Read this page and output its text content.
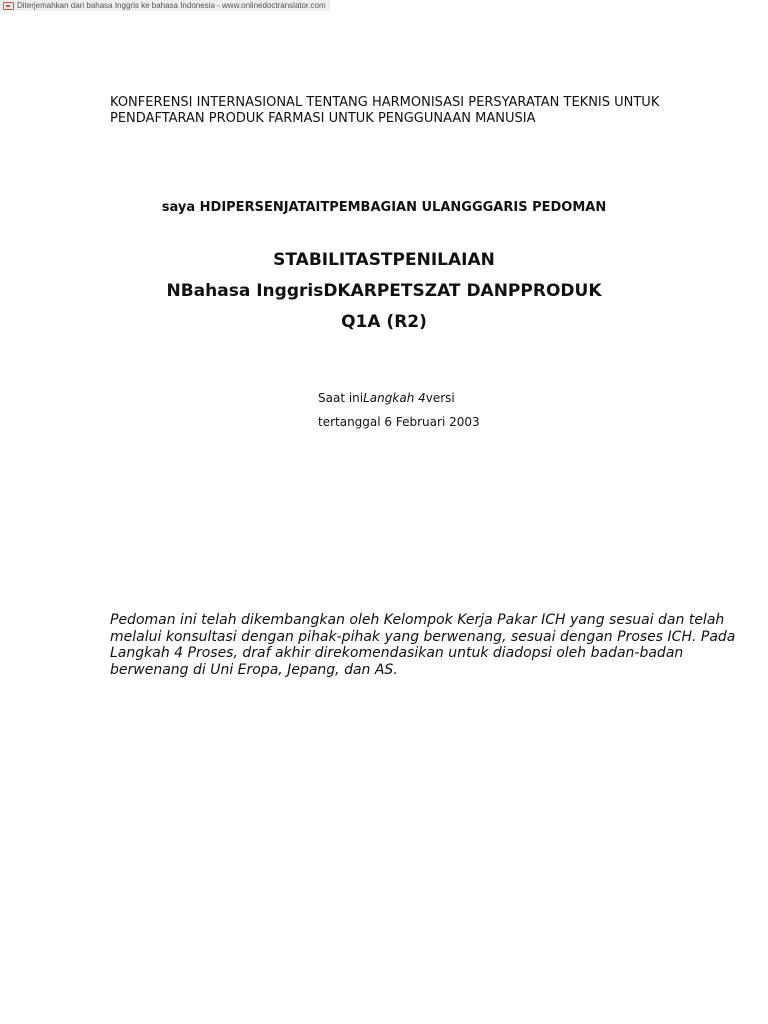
Diterjemahkan dari bahasa Inggris ke bahasa Indonesia - www.onlinedoctranslator.com
KONFERENSI INTERNASIONAL TENTANG HARMONISASI PERSYARATAN TEKNIS UNTUK
PENDAFTARAN PRODUK FARMASI UNTUK PENGGUNAAN MANUSIA
saya HDIPERSENJATAITPEMBAGIAN ULANGGGARIS PEDOMAN
STABILITASTPENILAIAN
NBahasa InggrisDKARPETSZAT DANPPRODUK
Q1A (R2)
Saat iniLangkah 4versi
tertanggal 6 Februari 2003
Pedoman ini telah dikembangkan oleh Kelompok Kerja Pakar ICH yang sesuai dan telah
melalui konsultasi dengan pihak-pihak yang berwenang, sesuai dengan Proses ICH. Pada
Langkah 4 Proses, draf akhir direkomendasikan untuk diadopsi oleh badan-badan
berwenang di Uni Eropa, Jepang, dan AS.
